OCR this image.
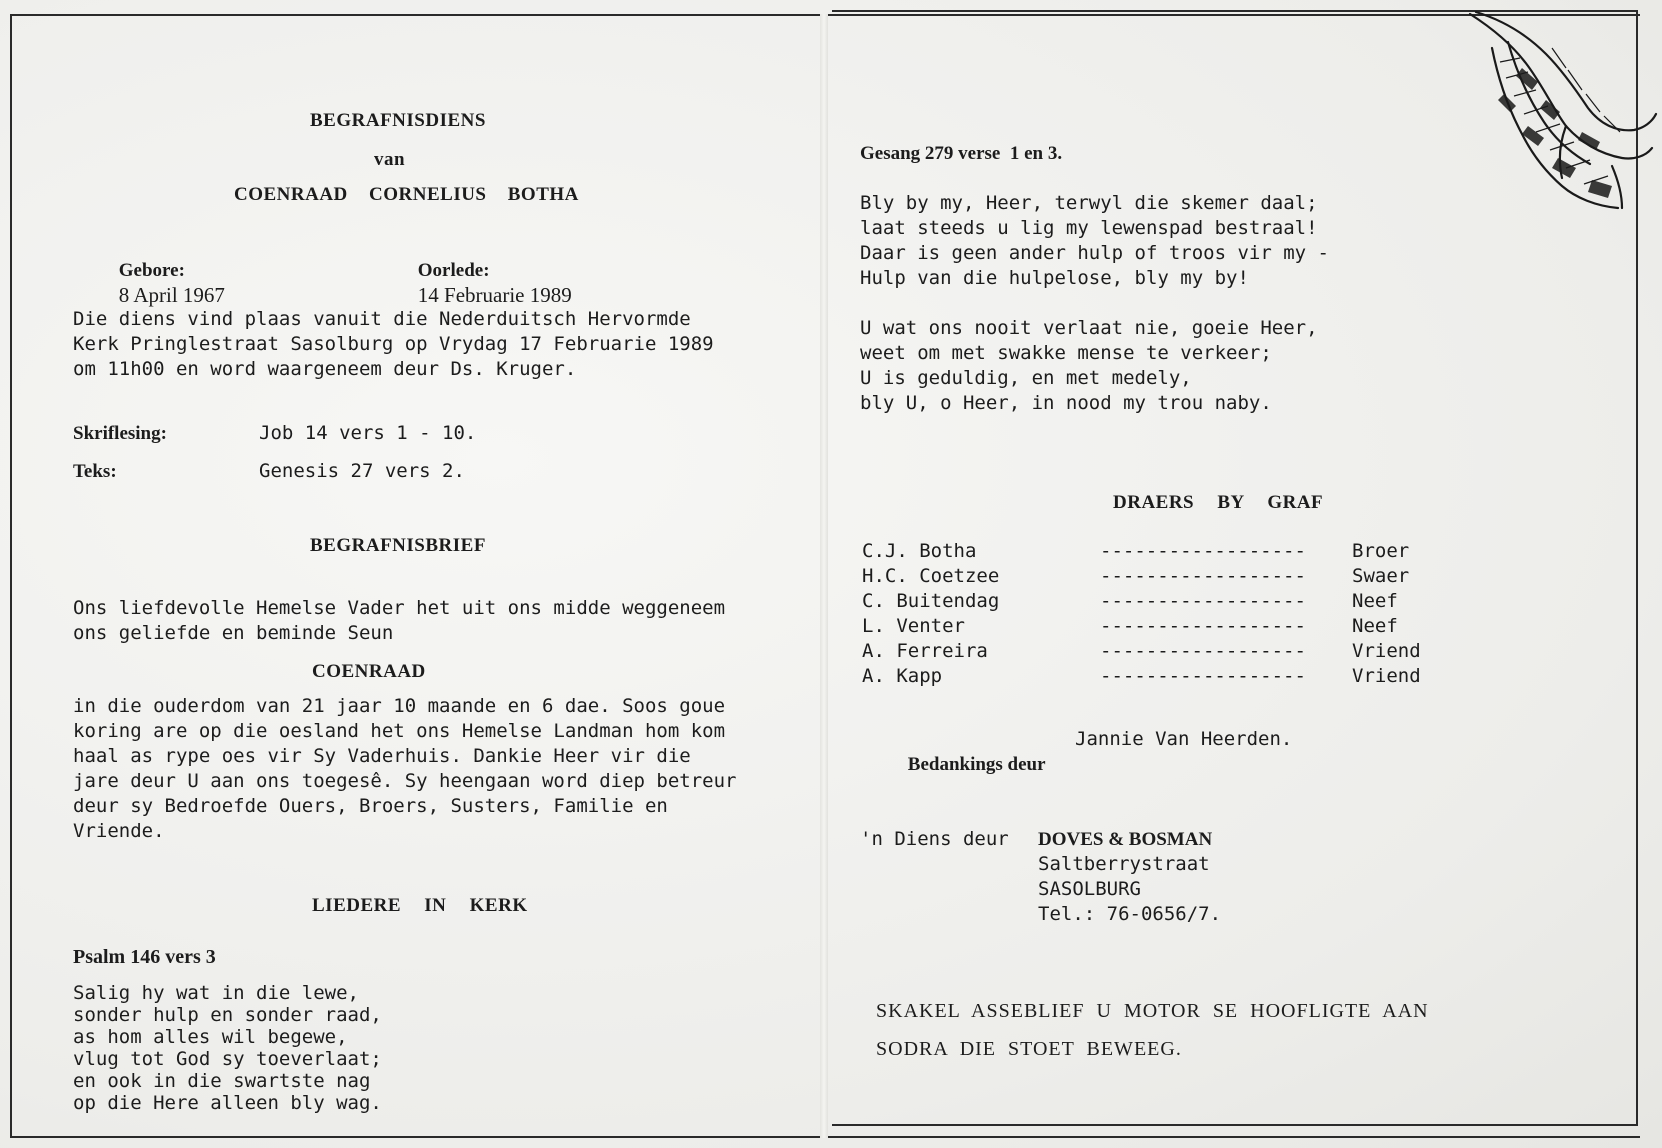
BEGRAFNISDIENS
van
COENRAAD CORNELIUS BOTHA

Gebore:
8 April 1967

Oorlede:
14 Februarie 1989

Die diens vind plaas vanuit die Nederduitsch Hervormde
Kerk Pringlestraat Sasolburg op Vrydag 17 Februarie 1989
om 11h00 en word waargeneem deur Ds. Kruger.
Skriflesing:	Job 14 vers 1 - 10.
Teks:	Genesis 27 vers 2.
BEGRAFNISBRIEF
Ons liefdevolle Hemelse Vader het uit ons midde weggeneem
ons geliefde en beminde Seun
COENRAAD
in die ouderdom van 21 jaar 10 maande en 6 dae. Soos goue
koring are op die oesland het ons Hemelse Landman hom kom
haal as rype oes vir Sy Vaderhuis. Dankie Heer vir die
jare deur U aan ons toegesê. Sy heengaan word diep betreur
deur sy Bedroefde Ouers, Broers, Susters, Familie en
Vriende.
LIEDERE IN KERK
Psalm 146 vers 3
Salig hy wat in die lewe,
sonder hulp en sonder raad,
as hom alles wil begewe,
vlug tot God sy toeverlaat;
en ook in die swartste nag
op die Here alleen bly wag.
Gesang 279 verse  1 en 3.
Bly by my, Heer, terwyl die skemer daal;
laat steeds u lig my lewenspad bestraal!
Daar is geen ander hulp of troos vir my -
Hulp van die hulpelose, bly my by!
U wat ons nooit verlaat nie, goeie Heer,
weet om met swakke mense te verkeer;
U is geduldig, en met medely,
bly U, o Heer, in nood my trou naby.
DRAERS BY GRAF
C.J. Botha	------------------ Broer
H.C. Coetzee	------------------ Swaer
C. Buitendag	------------------ Neef
L. Venter	------------------ Neef
A. Ferreira	------------------ Vriend
A. Kapp	------------------ Vriend

Bedankings deur

Jannie Van Heerden.
'n Diens deur DOVES & BOSMAN
Saltberrystraat
SASOLBURG
Tel.: 76-0656/7.
SKAKEL  ASSEBLIEF  U  MOTOR  SE  HOOFLIGTE  AAN
SODRA  DIE  STOET  BEWEEG.
